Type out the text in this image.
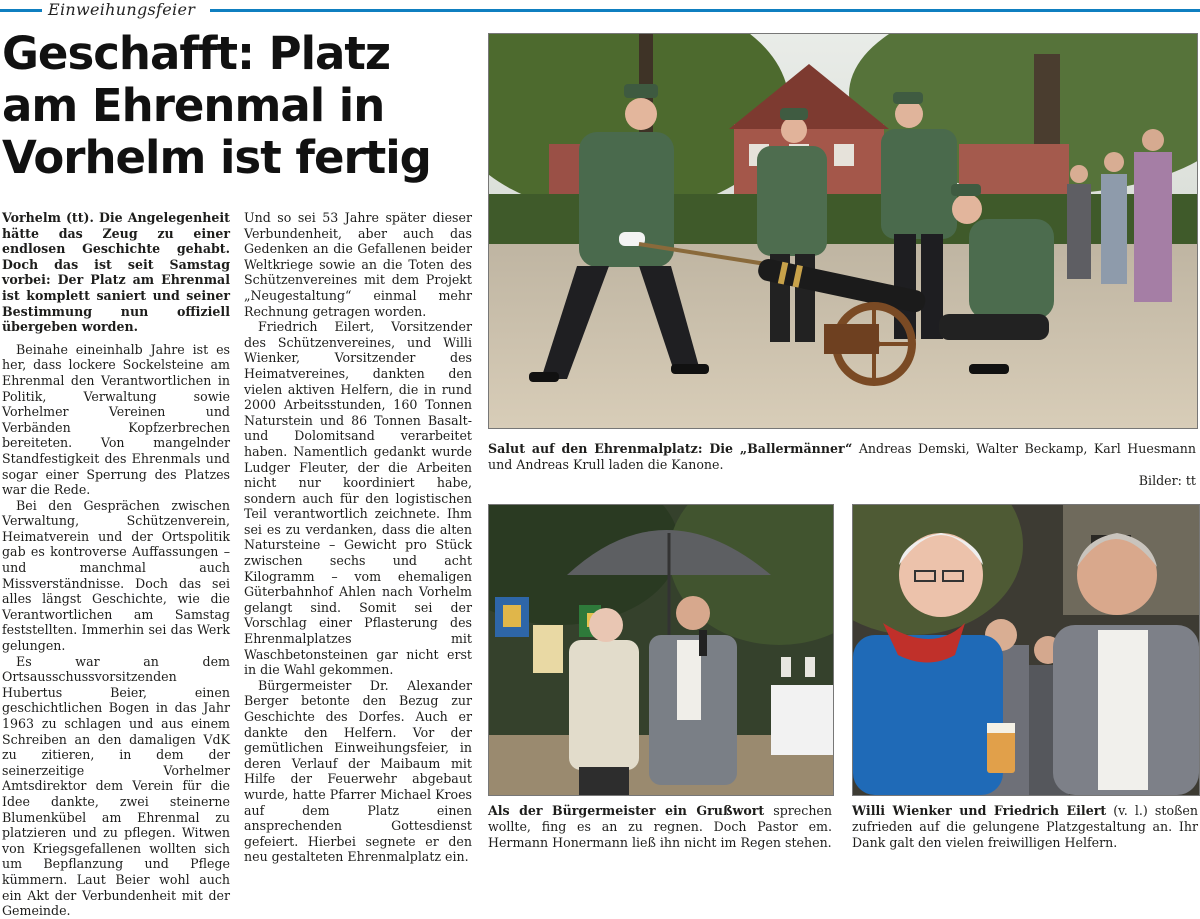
Einweihungsfeier
Geschafft: Platz am Ehrenmal in Vorhelm ist fertig

Vorhelm (tt). Die Angelegenheit hätte das Zeug zu einer endlosen Geschichte gehabt. Doch das ist seit Samstag vorbei: Der Platz am Ehrenmal ist komplett saniert und seiner Bestimmung nun offiziell übergeben worden.

Beinahe eineinhalb Jahre ist es her, dass lockere Sockelsteine am Ehrenmal den Verantwortlichen in Politik, Verwaltung sowie Vorhelmer Vereinen und Verbänden Kopfzerbrechen bereiteten. Von mangelnder Standfestigkeit des Ehrenmals und sogar einer Sperrung des Platzes war die Rede.

Bei den Gesprächen zwischen Verwaltung, Schützenverein, Heimatverein und der Ortspolitik gab es kontroverse Auffassungen – und manchmal auch Missverständnisse. Doch das sei alles längst Geschichte, wie die Verantwortlichen am Samstag feststellten. Immerhin sei das Werk gelungen.

Es war an dem Ortsausschussvorsitzenden Hubertus Beier, einen geschichtlichen Bogen in das Jahr 1963 zu schlagen und aus einem Schreiben an den damaligen VdK zu zitieren, in dem der seinerzeitige Vorhelmer Amtsdirektor dem Verein für die Idee dankte, zwei steinerne Blumenkübel am Ehrenmal zu platzieren und zu pflegen. Witwen von Kriegsgefallenen wollten sich um Bepflanzung und Pflege kümmern. Laut Beier wohl auch ein Akt der Verbundenheit mit der Gemeinde.

Und so sei 53 Jahre später dieser Verbundenheit, aber auch das Gedenken an die Gefallenen beider Weltkriege sowie an die Toten des Schützenvereines mit dem Projekt „Neugestaltung“ einmal mehr Rechnung getragen worden.

Friedrich Eilert, Vorsitzender des Schützenvereines, und Willi Wienker, Vorsitzender des Heimatvereines, dankten den vielen aktiven Helfern, die in rund 2000 Arbeitsstunden, 160 Tonnen Naturstein und 86 Tonnen Basalt- und Dolomitsand verarbeitet haben. Namentlich gedankt wurde Ludger Fleuter, der die Arbeiten nicht nur koordiniert habe, sondern auch für den logistischen Teil verantwortlich zeichnete. Ihm sei es zu verdanken, dass die alten Natursteine – Gewicht pro Stück zwischen sechs und acht Kilogramm – vom ehemaligen Güterbahnhof Ahlen nach Vorhelm gelangt sind. Somit sei der Vorschlag einer Pflasterung des Ehrenmalplatzes mit Waschbetonsteinen gar nicht erst in die Wahl gekommen.

Bürgermeister Dr. Alexander Berger betonte den Bezug zur Geschichte des Dorfes. Auch er dankte den Helfern. Vor der gemütlichen Einweihungsfeier, in deren Verlauf der Maibaum mit Hilfe der Feuerwehr abgebaut wurde, hatte Pfarrer Michael Kroes auf dem Platz einen ansprechenden Gottesdienst gefeiert. Hierbei segnete er den neu gestalteten Ehrenmalplatz ein.

Salut auf den Ehrenmalplatz: Die „Ballermänner“ Andreas Demski, Walter Beckamp, Karl Huesmann und Andreas Krull laden die Kanone.
Bilder: tt
Als der Bürgermeister ein Grußwort sprechen wollte, fing es an zu regnen. Doch Pastor em. Hermann Honermann ließ ihn nicht im Regen stehen.
Willi Wienker und Friedrich Eilert (v. l.) stoßen zufrieden auf die gelungene Platzgestaltung an. Ihr Dank galt den vielen freiwilligen Helfern.
